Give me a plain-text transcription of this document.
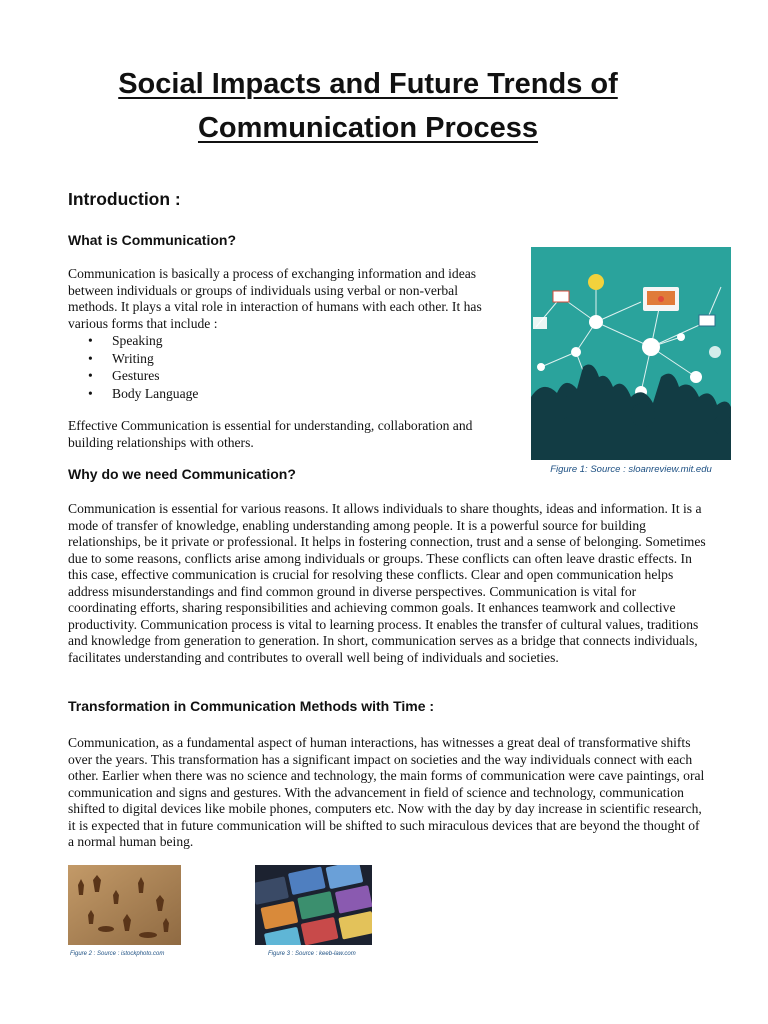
Social Impacts and Future Trends of
Communication Process
Introduction :
What is Communication?

Communication is basically a process of exchanging information and ideas between individuals or groups of individuals using verbal or non-verbal methods. It plays a vital role in interaction of humans with each other. It has various forms that include :

• Speaking
• Writing
• Gestures
• Body Language

Effective Communication is essential for understanding, collaboration and building relationships with others.

Figure 1: Source : sloanreview.mit.edu

Why do we need Communication?

Communication is essential for various reasons. It allows individuals to share thoughts, ideas and information. It is a mode of transfer of knowledge, enabling understanding among people. It is a powerful source for building relationships, be it private or professional. It helps in fostering connection, trust and a sense of belonging. Sometimes due to some reasons, conflicts arise among individuals or groups. These conflicts can often leave drastic effects. In this case, effective communication is crucial for resolving these conflicts. Clear and open communication helps address misunderstandings and find common ground in diverse perspectives. Communication is vital for coordinating efforts, sharing responsibilities and achieving common goals. It enhances teamwork and collective productivity. Communication process is vital to learning process. It enables the transfer of cultural values, traditions and knowledge from generation to generation. In short, communication serves as a bridge that connects individuals, facilitates understanding and contributes to overall well being of individuals and societies.

Transformation in Communication Methods with Time :

Communication, as a fundamental aspect of human interactions, has witnesses a great deal of transformative shifts over the years. This transformation has a significant impact on societies and the way individuals connect with each other. Earlier when there was no science and technology, the main forms of communication were cave paintings, oral communication and signs and gestures. With the advancement in field of science and technology, communication shifted to digital devices like mobile phones, computers etc. Now with the day by day increase in scientific research, it is expected that in future communication will be shifted to such miraculous devices that are beyond the thought of a normal human being.

Figure 2 : Source : istockphoto.com	Figure 3 : Source : keeb-law.com
